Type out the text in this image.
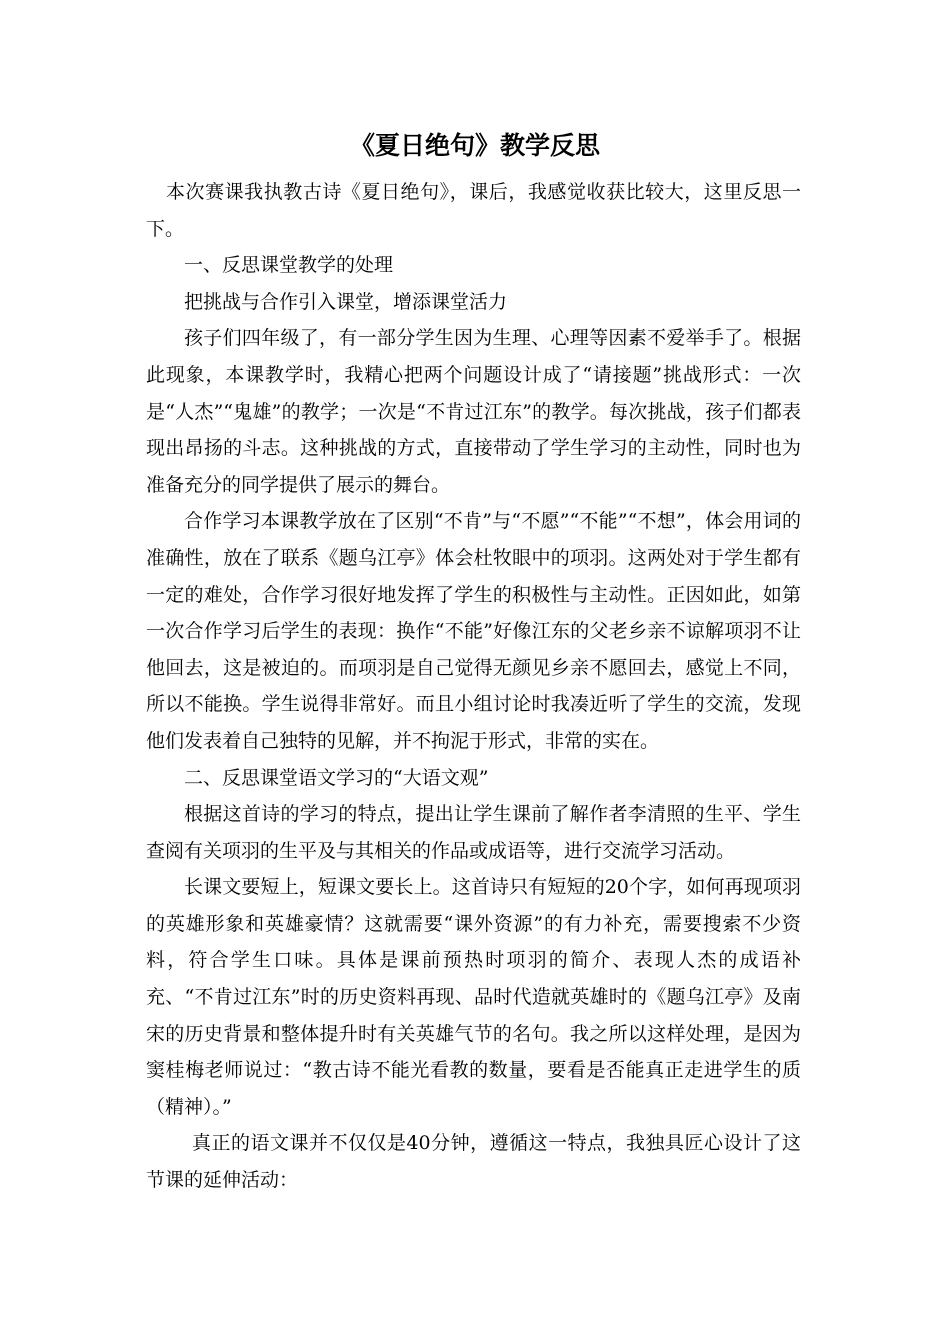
《夏日绝句》教学反思

本次赛课我执教古诗《夏日绝句》，课后，我感觉收获比较大，这里反思一下。

一、反思课堂教学的处理

把挑战与合作引入课堂，增添课堂活力

孩子们四年级了，有一部分学生因为生理、心理等因素不爱举手了。根据此现象，本课教学时，我精心把两个问题设计成了“请接题”挑战形式：一次是“人杰”“鬼雄”的教学；一次是“不肯过江东”的教学。每次挑战，孩子们都表现出昂扬的斗志。这种挑战的方式，直接带动了学生学习的主动性，同时也为准备充分的同学提供了展示的舞台。

合作学习本课教学放在了区别“不肯”与“不愿”“不能”“不想”，体会用词的准确性，放在了联系《题乌江亭》体会杜牧眼中的项羽。这两处对于学生都有一定的难处，合作学习很好地发挥了学生的积极性与主动性。正因如此，如第一次合作学习后学生的表现：换作“不能”好像江东的父老乡亲不谅解项羽不让他回去，这是被迫的。而项羽是自己觉得无颜见乡亲不愿回去，感觉上不同，所以不能换。学生说得非常好。而且小组讨论时我凑近听了学生的交流，发现他们发表着自己独特的见解，并不拘泥于形式，非常的实在。

二、反思课堂语文学习的“大语文观”

根据这首诗的学习的特点，提出让学生课前了解作者李清照的生平、学生查阅有关项羽的生平及与其相关的作品或成语等，进行交流学习活动。

长课文要短上，短课文要长上。这首诗只有短短的20个字，如何再现项羽的英雄形象和英雄豪情？这就需要“课外资源”的有力补充，需要搜索不少资料，符合学生口味。具体是课前预热时项羽的简介、表现人杰的成语补充、“不肯过江东”时的历史资料再现、品时代造就英雄时的《题乌江亭》及南宋的历史背景和整体提升时有关英雄气节的名句。我之所以这样处理，是因为窦桂梅老师说过：“教古诗不能光看教的数量，要看是否能真正走进学生的质（精神）。”

真正的语文课并不仅仅是40分钟，遵循这一特点，我独具匠心设计了这节课的延伸活动：
